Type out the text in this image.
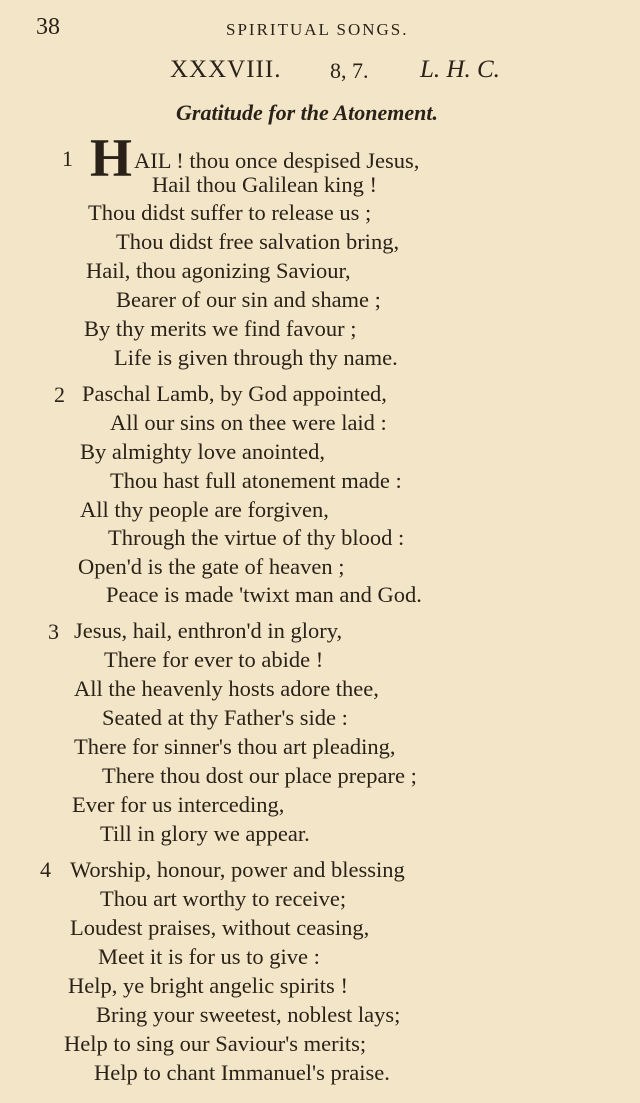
38	SPIRITUAL SONGS.
XXXVIII. 8, 7. L. H. C.
Gratitude for the Atonement.
1 HAIL ! thou once despised Jesus,
Hail thou Galilean king !
Thou didst suffer to release us ;
Thou didst free salvation bring,
Hail, thou agonizing Saviour,
Bearer of our sin and shame ;
By thy merits we find favour ;
Life is given through thy name.
2 Paschal Lamb, by God appointed,
All our sins on thee were laid :
By almighty love anointed,
Thou hast full atonement made :
All thy people are forgiven,
Through the virtue of thy blood :
Open'd is the gate of heaven ;
Peace is made 'twixt man and God.
3 Jesus, hail, enthron'd in glory,
There for ever to abide !
All the heavenly hosts adore thee,
Seated at thy Father's side :
There for sinner's thou art pleading,
There thou dost our place prepare ;
Ever for us interceding,
Till in glory we appear.
4 Worship, honour, power and blessing
Thou art worthy to receive;
Loudest praises, without ceasing,
Meet it is for us to give :
Help, ye bright angelic spirits !
Bring your sweetest, noblest lays;
Help to sing our Saviour's merits;
Help to chant Immanuel's praise.
